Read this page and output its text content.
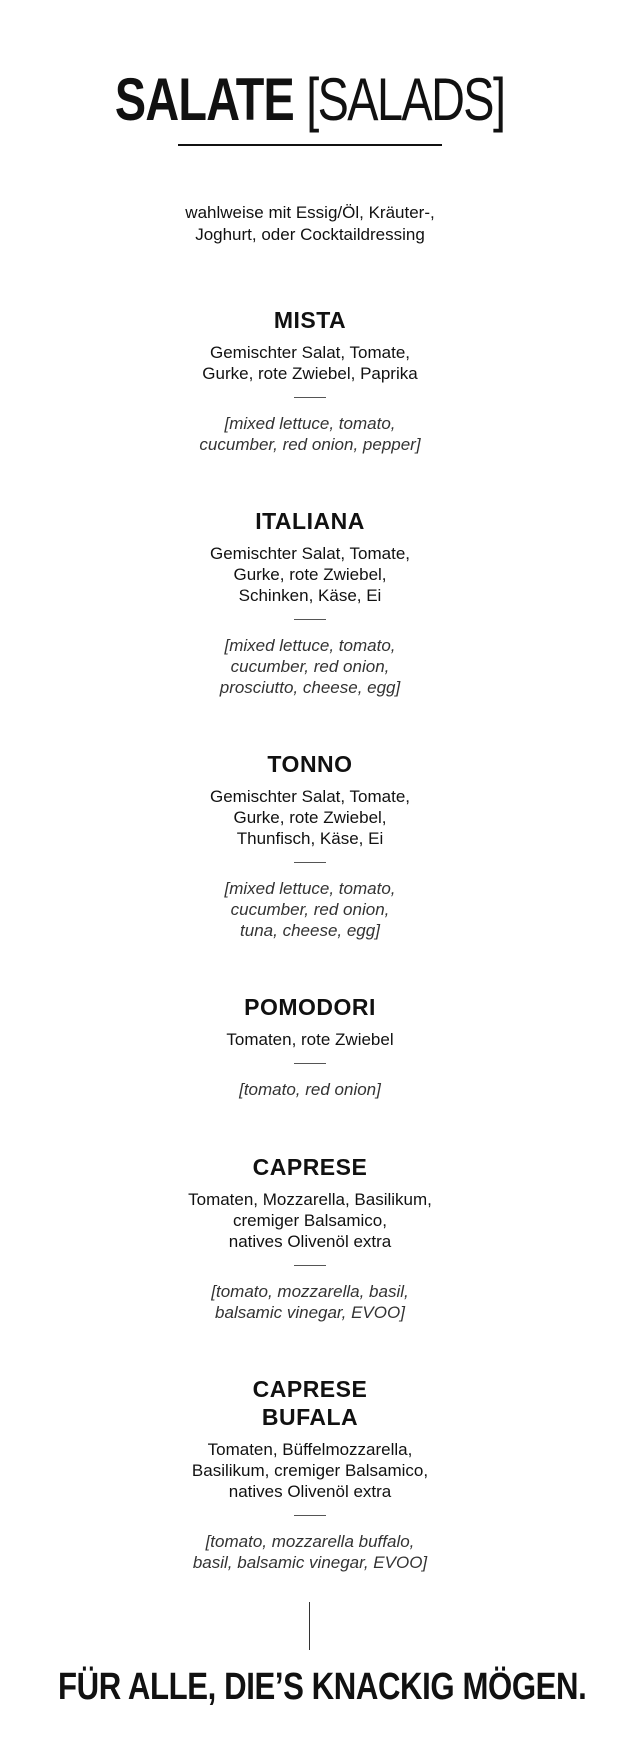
SALATE [SALADS]
wahlweise mit Essig/Öl, Kräuter-,
Joghurt, oder Cocktaildressing
MISTA
Gemischter Salat, Tomate,
Gurke, rote Zwiebel, Paprika
[mixed lettuce, tomato,
cucumber, red onion, pepper]
ITALIANA
Gemischter Salat, Tomate,
Gurke, rote Zwiebel,
Schinken, Käse, Ei
[mixed lettuce, tomato,
cucumber, red onion,
prosciutto, cheese, egg]
TONNO
Gemischter Salat, Tomate,
Gurke, rote Zwiebel,
Thunfisch, Käse, Ei
[mixed lettuce, tomato,
cucumber, red onion,
tuna, cheese, egg]
POMODORI
Tomaten, rote Zwiebel
[tomato, red onion]
CAPRESE
Tomaten, Mozzarella, Basilikum,
cremiger Balsamico,
natives Olivenöl extra
[tomato, mozzarella, basil,
balsamic vinegar, EVOO]
CAPRESE
BUFALA
Tomaten, Büffelmozzarella,
Basilikum, cremiger Balsamico,
natives Olivenöl extra
[tomato, mozzarella buffalo,
basil, balsamic vinegar, EVOO]
FÜR ALLE, DIE’S KNACKIG MÖGEN.
